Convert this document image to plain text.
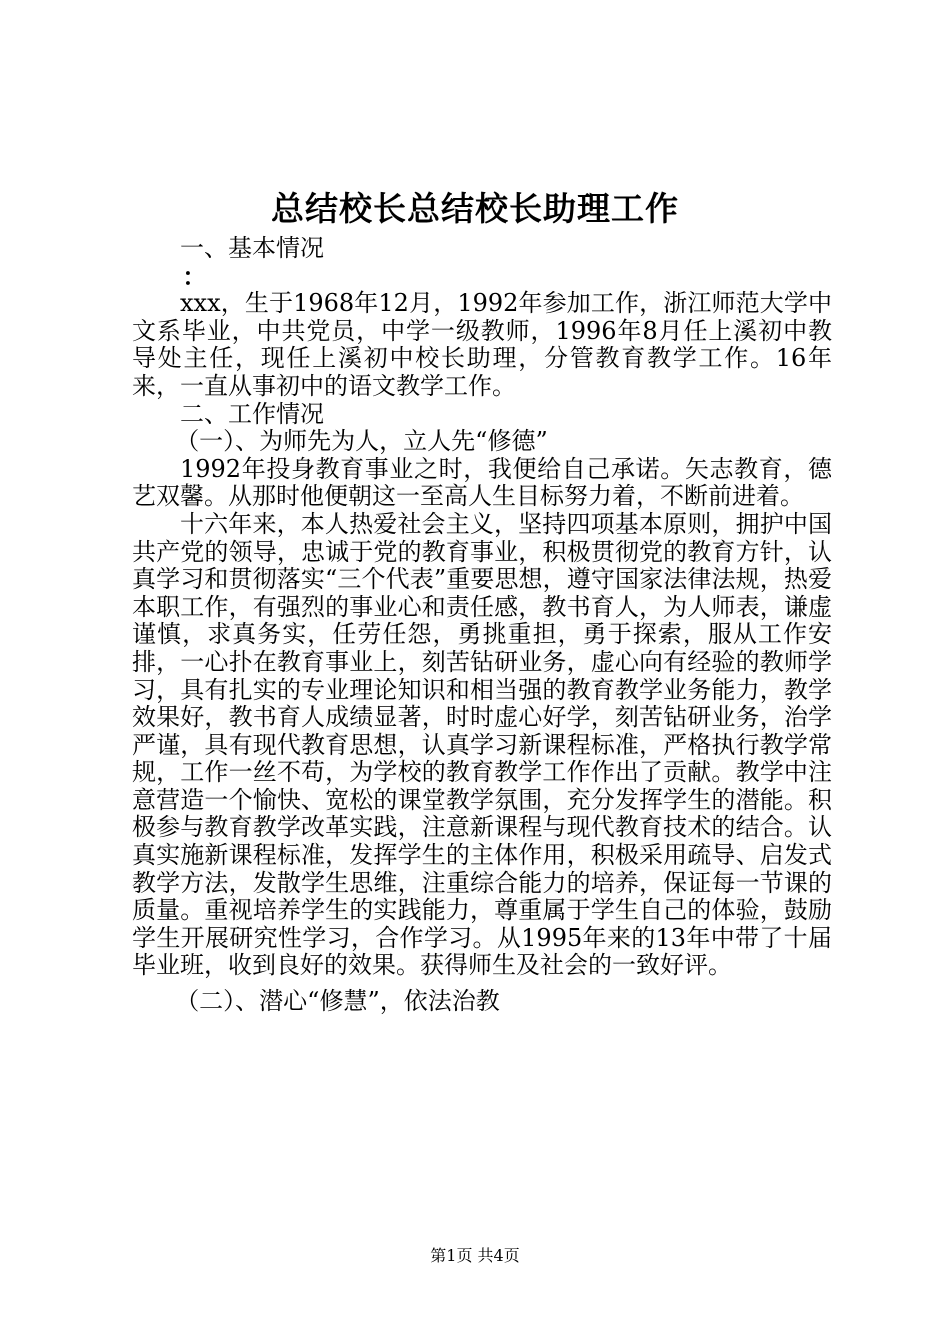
总结校长总结校长助理工作

一、基本情况

：

xxx，生于1968年12月，1992年参加工作，浙江师范大学中文系毕业，中共党员，中学一级教师，1996年8月任上溪初中教导处主任，现任上溪初中校长助理，分管教育教学工作。16年来，一直从事初中的语文教学工作。

二、工作情况

（一）、为师先为人，立人先“修德”

1992年投身教育事业之时，我便给自己承诺。矢志教育，德艺双馨。从那时他便朝这一至高人生目标努力着，不断前进着。

十六年来，本人热爱社会主义，坚持四项基本原则，拥护中国共产党的领导，忠诚于党的教育事业，积极贯彻党的教育方针，认真学习和贯彻落实“三个代表”重要思想，遵守国家法律法规，热爱本职工作，有强烈的事业心和责任感，教书育人，为人师表，谦虚谨慎，求真务实，任劳任怨，勇挑重担，勇于探索，服从工作安排，一心扑在教育事业上，刻苦钻研业务，虚心向有经验的教师学习，具有扎实的专业理论知识和相当强的教育教学业务能力，教学效果好，教书育人成绩显著，时时虚心好学，刻苦钻研业务，治学严谨，具有现代教育思想，认真学习新课程标准，严格执行教学常规，工作一丝不苟，为学校的教育教学工作作出了贡献。教学中注意营造一个愉快、宽松的课堂教学氛围，充分发挥学生的潜能。积极参与教育教学改革实践，注意新课程与现代教育技术的结合。认真实施新课程标准，发挥学生的主体作用，积极采用疏导、启发式教学方法，发散学生思维，注重综合能力的培养，保证每一节课的质量。重视培养学生的实践能力，尊重属于学生自己的体验，鼓励学生开展研究性学习，合作学习。从1995年来的13年中带了十届毕业班，收到良好的效果。获得师生及社会的一致好评。

（二）、潜心“修慧”，依法治教

第1页 共4页
